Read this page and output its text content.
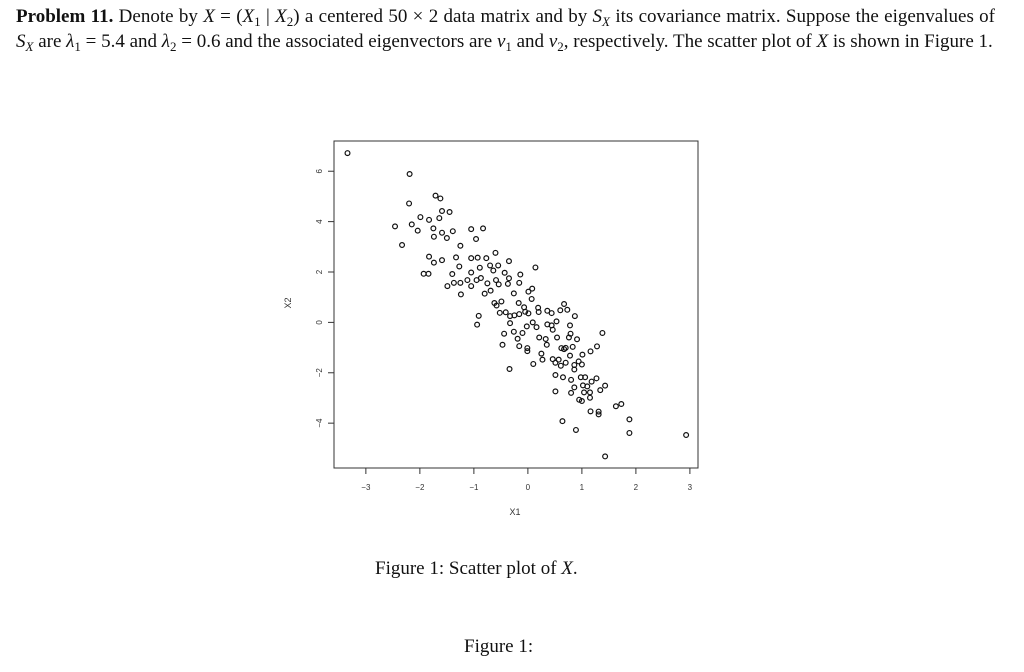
Problem 11. Denote by $X = (X_1$ | $X_2$) a centered 50 × 2 data matrix and by $S_X$ its covariance matrix. Suppose the eigenvalues of $S_X$ are $\lambda_1 = 5.4$ and $\lambda_2 = 0.6$ and the associated eigenvectors are $v_1$ and $v_2$, respectively. The scatter plot of X is shown in Figure 1.

−3	−2	−1	0	1	2	3
−4
−2
0
2
4
6
X1
X2
Figure 1: Scatter plot of X.
Figure 1:
